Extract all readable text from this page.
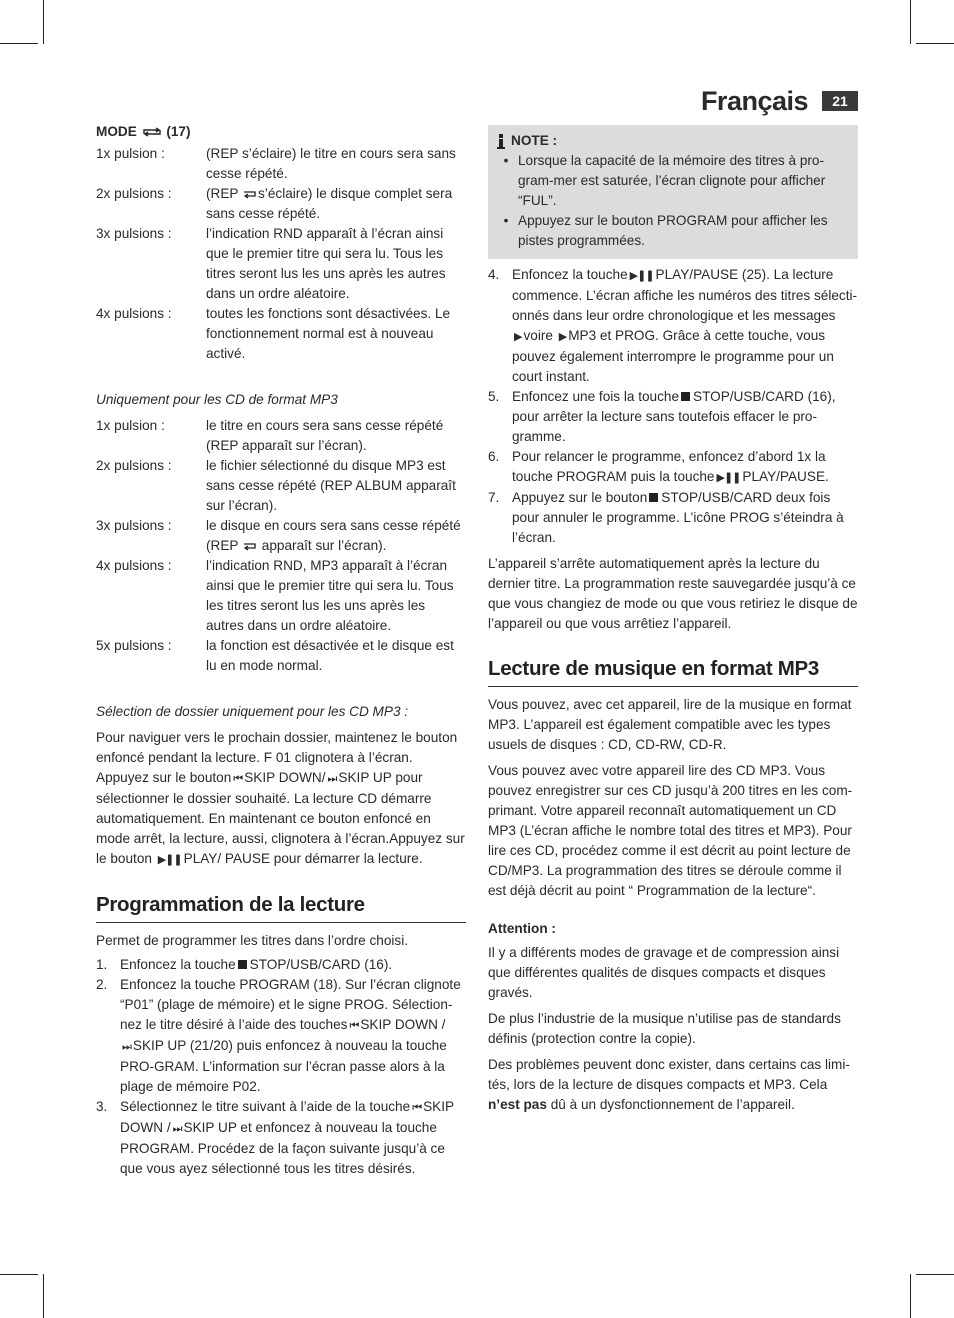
Français	21

MODE (17)

1x pulsion :	(REP s’éclaire) le titre en cours sera sans cesse répété.
2x pulsions :	(REP s’éclaire) le disque complet sera sans cesse répété.
3x pulsions :	l’indication RND apparaît à l’écran ainsi que le premier titre qui sera lu. Tous les titres seront lus les uns après les autres dans un ordre aléatoire.
4x pulsions :	toutes les fonctions sont désactivées. Le fonctionnement normal est à nouveau activé.

Uniquement pour les CD de format MP3

1x pulsion :	le titre en cours sera sans cesse répété (REP apparaît sur l’écran).
2x pulsions :	le fichier sélectionné du disque MP3 est sans cesse répété (REP ALBUM apparaît sur l’écran).
3x pulsions :	le disque en cours sera sans cesse répété (REP apparaît sur l’écran).
4x pulsions :	l’indication RND, MP3 apparaît à l’écran ainsi que le premier titre qui sera lu. Tous les titres seront lus les uns après les autres dans un ordre aléatoire.
5x pulsions :	la fonction est désactivée et le disque est lu en mode normal.

Sélection de dossier uniquement pour les CD MP3 :

Pour naviguer vers le prochain dossier, maintenez le bouton enfoncé pendant la lecture. F 01 clignotera à l’écran. Appuyez sur le bouton ⏮ SKIP DOWN/ ⏭ SKIP UP pour sélectionner le dossier souhaité. La lecture CD démarre automatiquement. En maintenant ce bouton enfoncé en mode arrêt, la lecture, aussi, clignotera à l’écran.Appuyez sur le bouton ▶❚❚ PLAY/ PAUSE pour démarrer la lecture.

Programmation de la lecture

Permet de programmer les titres dans l’ordre choisi.

1. Enfoncez la touche STOP/USB/CARD (16).
2. Enfoncez la touche PROGRAM (18). Sur l’écran clignote “P01” (plage de mémoire) et le signe PROG. Sélection-nez le titre désiré à l’aide des touches ⏮ SKIP DOWN /⏭ SKIP UP (21/20) puis enfoncez à nouveau la touche PRO-GRAM. L’information sur l’écran passe alors à la plage de mémoire P02.
3. Sélectionnez le titre suivant à l’aide de la touche ⏮ SKIP DOWN / ⏭ SKIP UP et enfoncez à nouveau la touche PROGRAM. Procédez de la façon suivante jusqu’à ce que vous ayez sélectionné tous les titres désirés.

NOTE :

• Lorsque la capacité de la mémoire des titres à pro-gram-mer est saturée, l’écran clignote pour afficher “FUL”.
• Appuyez sur le bouton PROGRAM pour afficher les pistes programmées.
4. Enfoncez la touche ▶❚❚ PLAY/PAUSE (25). La lecture commence. L’écran affiche les numéros des titres sélecti-onnés dans leur ordre chronologique et les messages ▶ voire ▶ MP3 et PROG. Grâce à cette touche, vous pouvez également interrompre le programme pour un court instant.
5. Enfoncez une fois la touche STOP/USB/CARD (16), pour arrêter la lecture sans toutefois effacer le pro-gramme.
6. Pour relancer le programme, enfoncez d’abord 1x la touche PROGRAM puis la touche ▶❚❚ PLAY/PAUSE.
7. Appuyez sur le bouton STOP/USB/CARD deux fois pour annuler le programme. L’icône PROG s’éteindra à l’écran.

L’appareil s’arrête automatiquement après la lecture du dernier titre. La programmation reste sauvegardée jusqu’à ce que vous changiez de mode ou que vous retiriez le disque de l’appareil ou que vous arrêtiez l’appareil.

Lecture de musique en format MP3

Vous pouvez, avec cet appareil, lire de la musique en format MP3. L’appareil est également compatible avec les types usuels de disques : CD, CD-RW, CD-R.

Vous pouvez avec votre appareil lire des CD MP3. Vous pouvez enregistrer sur ces CD jusqu’à 200 titres en les com-primant. Votre appareil reconnaît automatiquement un CD MP3 (L’écran affiche le nombre total des titres et MP3). Pour lire ces CD, procédez comme il est décrit au point lecture de CD/MP3. La programmation des titres se déroule comme il est déjà décrit au point “ Programmation de la lecture“.

Attention :

Il y a différents modes de gravage et de compression ainsi que différentes qualités de disques compacts et disques gravés.

De plus l’industrie de la musique n’utilise pas de standards définis (protection contre la copie).

Des problèmes peuvent donc exister, dans certains cas limi-tés, lors de la lecture de disques compacts et MP3. Cela n’est pas dû à un dysfonctionnement de l’appareil.
